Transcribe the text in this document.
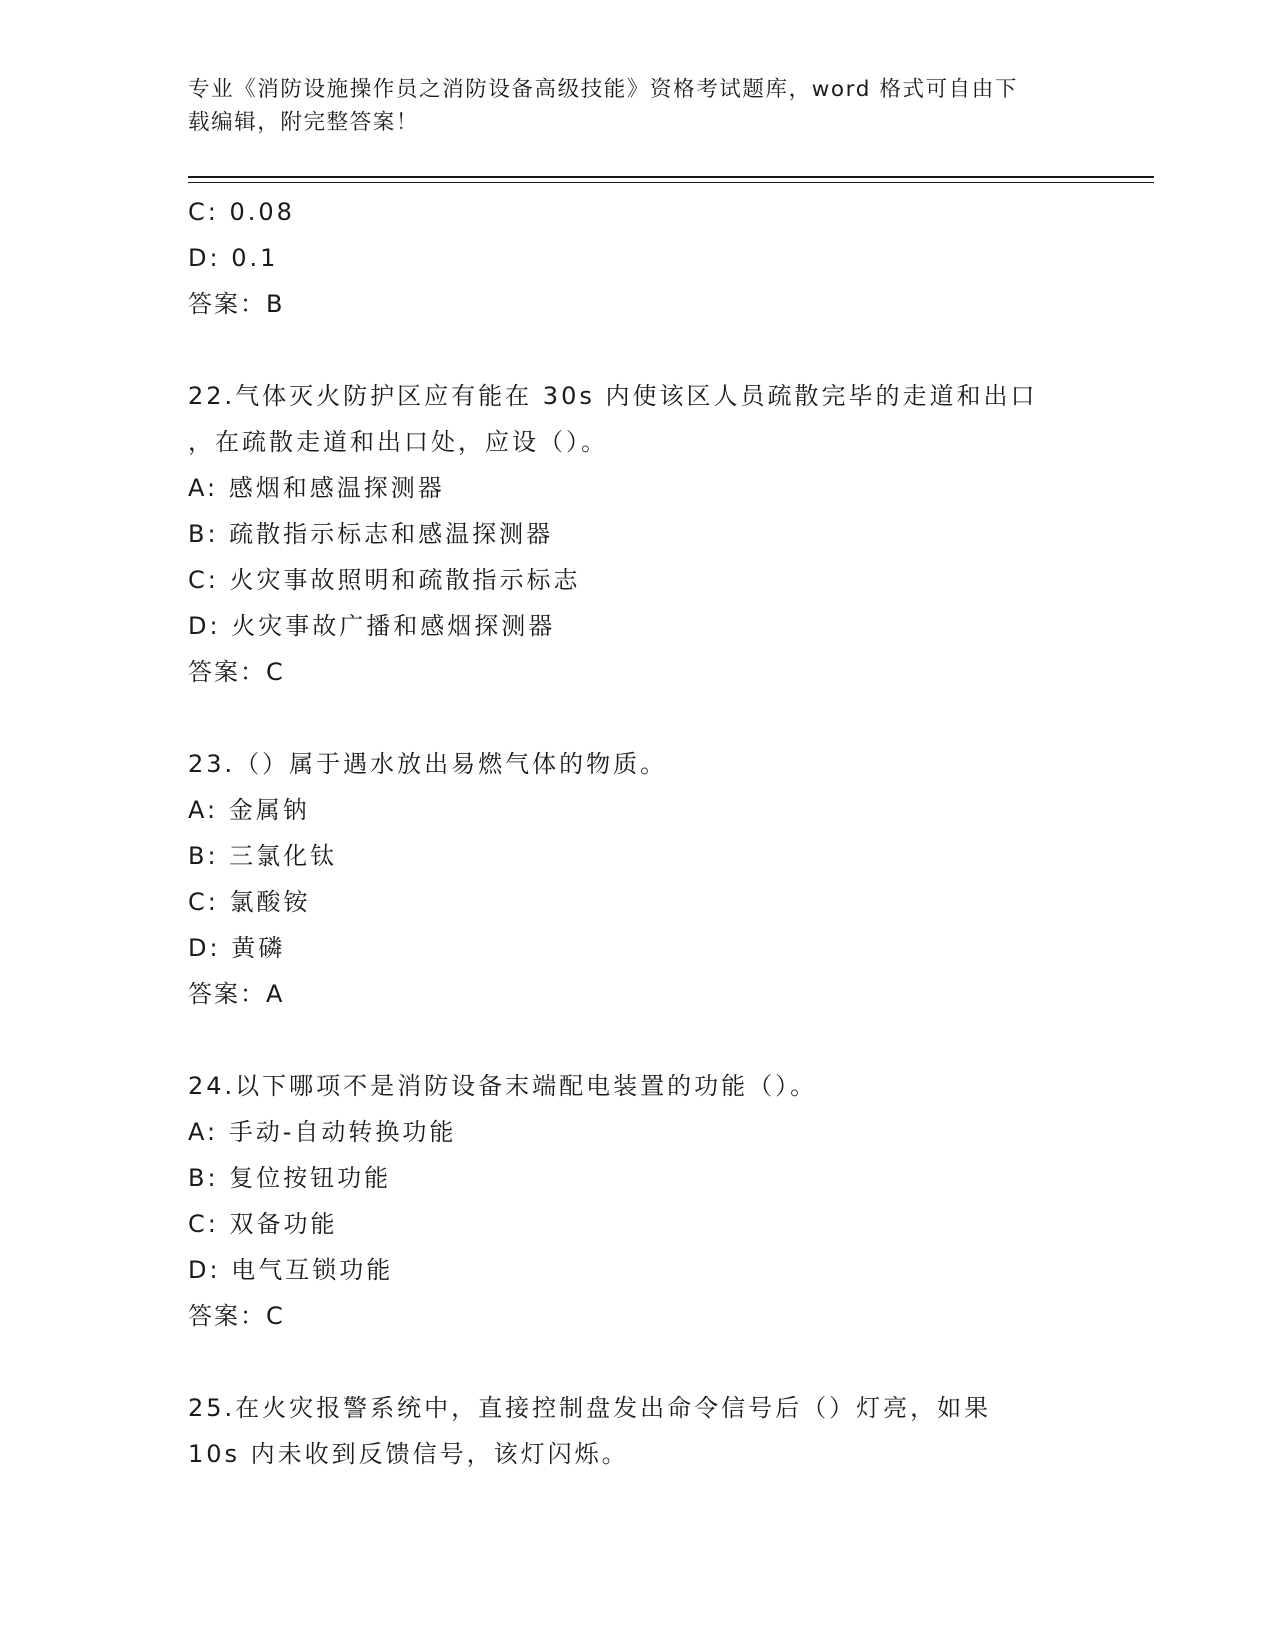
专业《消防设施操作员之消防设备高级技能》资格考试题库，word 格式可自由下
载编辑，附完整答案！
C: 0.08
D: 0.1
答案：B
22.气体灭火防护区应有能在 30s 内使该区人员疏散完毕的走道和出口
，在疏散走道和出口处，应设（）。
A: 感烟和感温探测器
B: 疏散指示标志和感温探测器
C: 火灾事故照明和疏散指示标志
D: 火灾事故广播和感烟探测器
答案：C
23.（）属于遇水放出易燃气体的物质。
A: 金属钠
B: 三氯化钛
C: 氯酸铵
D: 黄磷
答案：A
24.以下哪项不是消防设备末端配电装置的功能（）。
A: 手动-自动转换功能
B: 复位按钮功能
C: 双备功能
D: 电气互锁功能
答案：C
25.在火灾报警系统中，直接控制盘发出命令信号后（）灯亮，如果
10s 内未收到反馈信号，该灯闪烁。
